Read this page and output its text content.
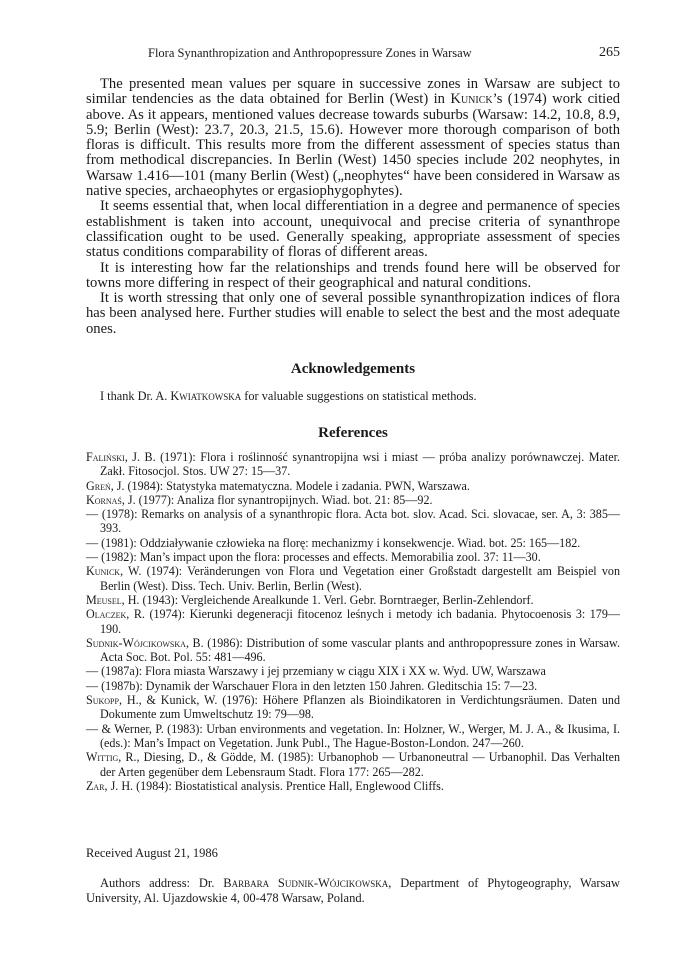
Flora Synanthropization and Anthropopressure Zones in Warsaw	265

The presented mean values per square in successive zones in Warsaw are subject to similar tendencies as the data obtained for Berlin (West) in Kunick’s (1974) work citied above. As it appears, mentioned values decrease towards suburbs (Warsaw: 14.2, 10.8, 8.9, 5.9; Berlin (West): 23.7, 20.3, 21.5, 15.6). However more thorough comparison of both floras is difficult. This results more from the different assessment of species status than from methodical discrepancies. In Berlin (West) 1450 species include 202 neophytes, in Warsaw 1.416—101 (many Berlin (West) („neophytes“ have been considered in Warsaw as native species, archaeophytes or ergasiophygophytes).

It seems essential that, when local differentiation in a degree and permanence of species establishment is taken into account, unequivocal and precise criteria of synanthrope classification ought to be used. Generally speaking, appropriate assessment of species status conditions comparability of floras of different areas.

It is interesting how far the relationships and trends found here will be observed for towns more differing in respect of their geographical and natural conditions.

It is worth stressing that only one of several possible synanthropization indices of flora has been analysed here. Further studies will enable to select the best and the most adequate ones.

Acknowledgements
I thank Dr. A. Kwiatkowska for valuable suggestions on statistical methods.
References

Faliński, J. B. (1971): Flora i roślinność synantropijna wsi i miast — próba analizy porównawczej. Mater. Zakł. Fitosocjol. Stos. UW 27: 15—37.

Greń, J. (1984): Statystyka matematyczna. Modele i zadania. PWN, Warszawa.

Kornaś, J. (1977): Analiza flor synantropijnych. Wiad. bot. 21: 85—92.

— (1978): Remarks on analysis of a synanthropic flora. Acta bot. slov. Acad. Sci. slovacae, ser. A, 3: 385—393.

— (1981): Oddziaływanie człowieka na florę: mechanizmy i konsekwencje. Wiad. bot. 25: 165—182.

— (1982): Man’s impact upon the flora: processes and effects. Memorabilia zool. 37: 11—30.

Kunick, W. (1974): Veränderungen von Flora und Vegetation einer Großstadt dargestellt am Beispiel von Berlin (West). Diss. Tech. Univ. Berlin, Berlin (West).

Meusel, H. (1943): Vergleichende Arealkunde 1. Verl. Gebr. Borntraeger, Berlin-Zehlendorf.

Olaczek, R. (1974): Kierunki degeneracji fitocenoz leśnych i metody ich badania. Phytocoenosis 3: 179—190.

Sudnik-Wójcikowska, B. (1986): Distribution of some vascular plants and anthropopressure zones in Warsaw. Acta Soc. Bot. Pol. 55: 481—496.

— (1987a): Flora miasta Warszawy i jej przemiany w ciągu XIX i XX w. Wyd. UW, Warszawa

— (1987b): Dynamik der Warschauer Flora in den letzten 150 Jahren. Gleditschia 15: 7—23.

Sukopp, H., & Kunick, W. (1976): Höhere Pflanzen als Bioindikatoren in Verdichtungsräumen. Daten und Dokumente zum Umweltschutz 19: 79—98.

— & Werner, P. (1983): Urban environments and vegetation. In: Holzner, W., Werger, M. J. A., & Ikusima, I. (eds.): Man’s Impact on Vegetation. Junk Publ., The Hague-Boston-London. 247—260.

Wittig, R., Diesing, D., & Gödde, M. (1985): Urbanophob — Urbanoneutral — Urbanophil. Das Verhalten der Arten gegenüber dem Lebensraum Stadt. Flora 177: 265—282.

Zar, J. H. (1984): Biostatistical analysis. Prentice Hall, Englewood Cliffs.

Received August 21, 1986
Authors address: Dr. Barbara Sudnik-Wójcikowska, Department of Phytogeography, Warsaw University, Al. Ujazdowskie 4, 00-478 Warsaw, Poland.
